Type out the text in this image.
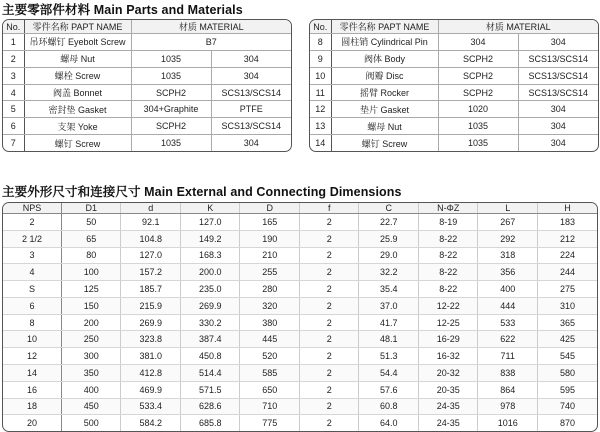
主要零部件材料 Main Parts and Materials
No.	零件名称 PAPT NAME	材质 MATERIAL	
1	吊环螺钉 Eyebolt Screw	B7	
2	螺母 Nut	1035	304
3	螺栓 Screw	1035	304
4	阀盖 Bonnet	SCPH2	SCS13/SCS14
5	密封垫 Gasket	304+Graphite	PTFE
6	支架 Yoke	SCPH2	SCS13/SCS14
7	螺钉 Screw	1035	304
No.	零件名称 PAPT NAME	材质 MATERIAL	
8	圆柱销 Cylindrical Pin	304	304
9	阀体 Body	SCPH2	SCS13/SCS14
10	阀瓣 Disc	SCPH2	SCS13/SCS14
11	摇臂 Rocker	SCPH2	SCS13/SCS14
12	垫片 Gasket	1020	304
13	螺母 Nut	1035	304
14	螺钉 Screw	1035	304
主要外形尺寸和连接尺寸 Main External and Connecting Dimensions
NPS	D1	d	K	D	f	C	N-ΦZ	L	H
2	50	92.1	127.0	165	2	22.7	8-19	267	183
2 1/2	65	104.8	149.2	190	2	25.9	8-22	292	212
3	80	127.0	168.3	210	2	29.0	8-22	318	224
4	100	157.2	200.0	255	2	32.2	8-22	356	244
S	125	185.7	235.0	280	2	35.4	8-22	400	275
6	150	215.9	269.9	320	2	37.0	12-22	444	310
8	200	269.9	330.2	380	2	41.7	12-25	533	365
10	250	323.8	387.4	445	2	48.1	16-29	622	425
12	300	381.0	450.8	520	2	51.3	16-32	711	545
14	350	412.8	514.4	585	2	54.4	20-32	838	580
16	400	469.9	571.5	650	2	57.6	20-35	864	595
18	450	533.4	628.6	710	2	60.8	24-35	978	740
20	500	584.2	685.8	775	2	64.0	24-35	1016	870
